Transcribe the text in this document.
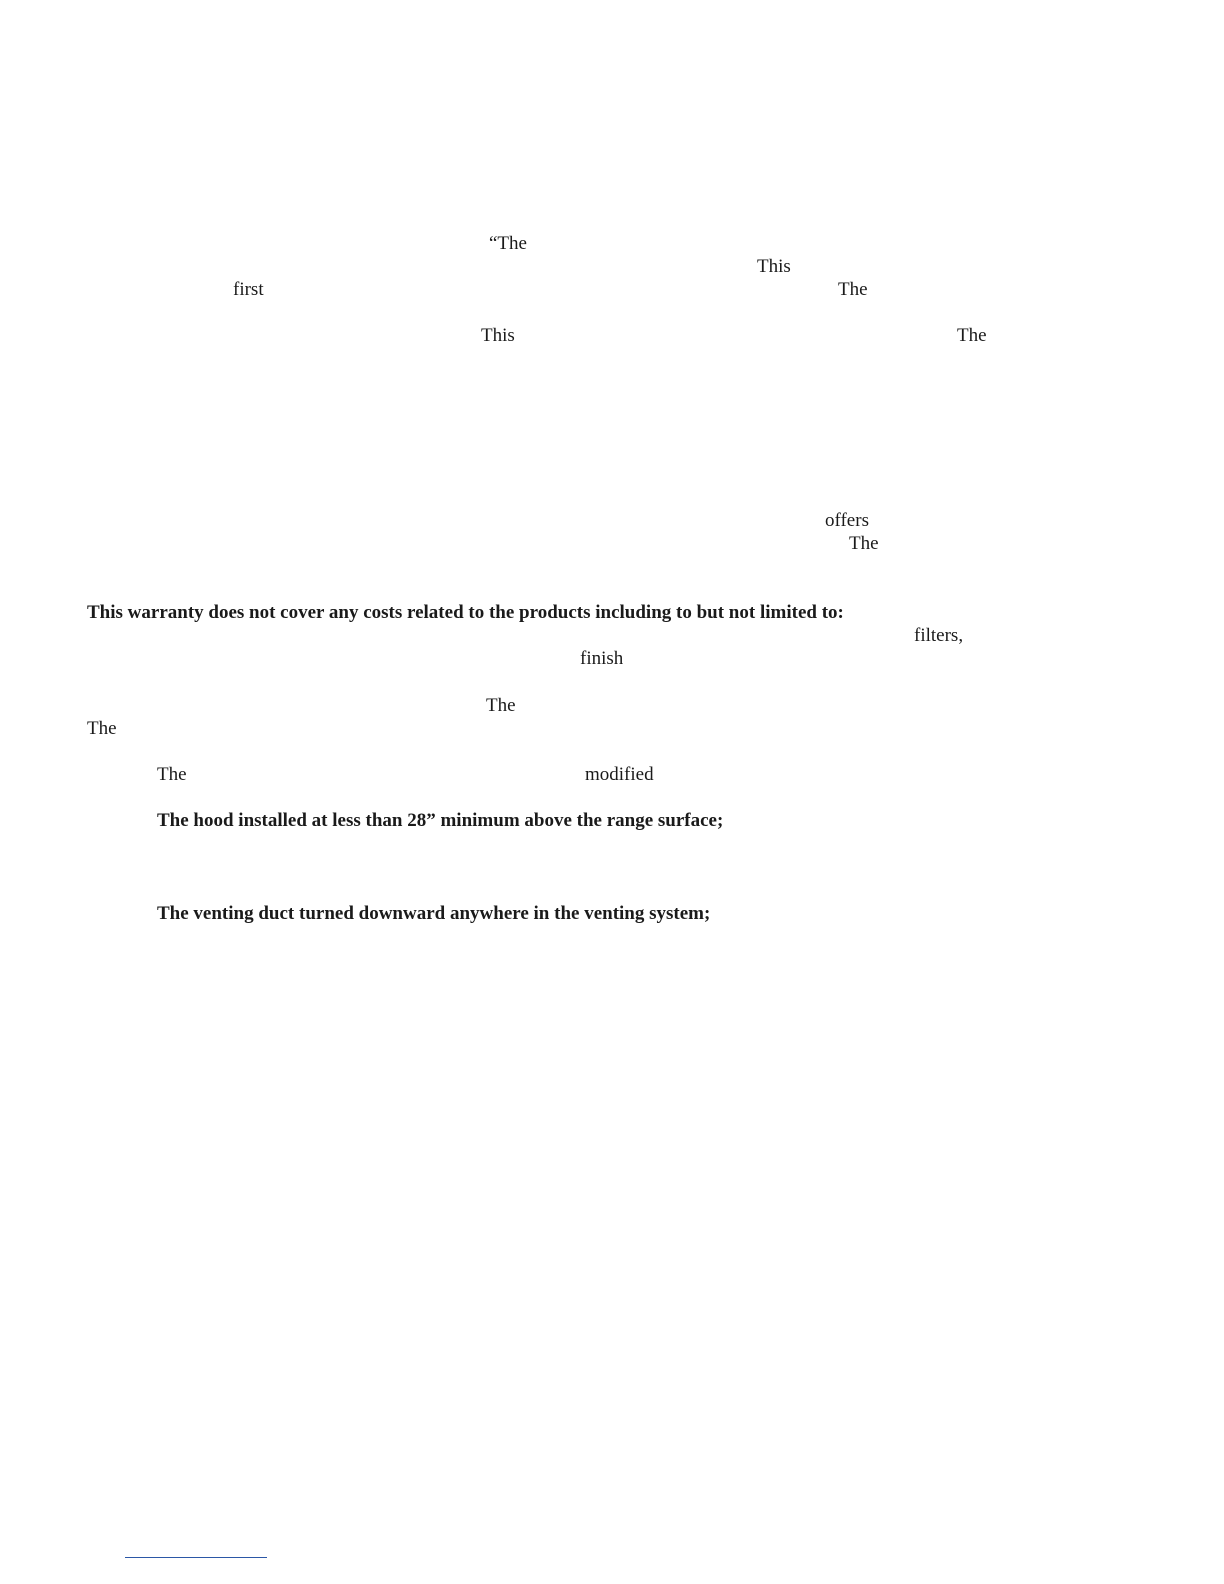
“The
This
first	The
This	The
offers
The
This warranty does not cover any costs related to the products including to but not limited to:
filters,
finish
The
The
The	modified
The hood installed at less than 28” minimum above the range surface;
The venting duct turned downward anywhere in the venting system;
